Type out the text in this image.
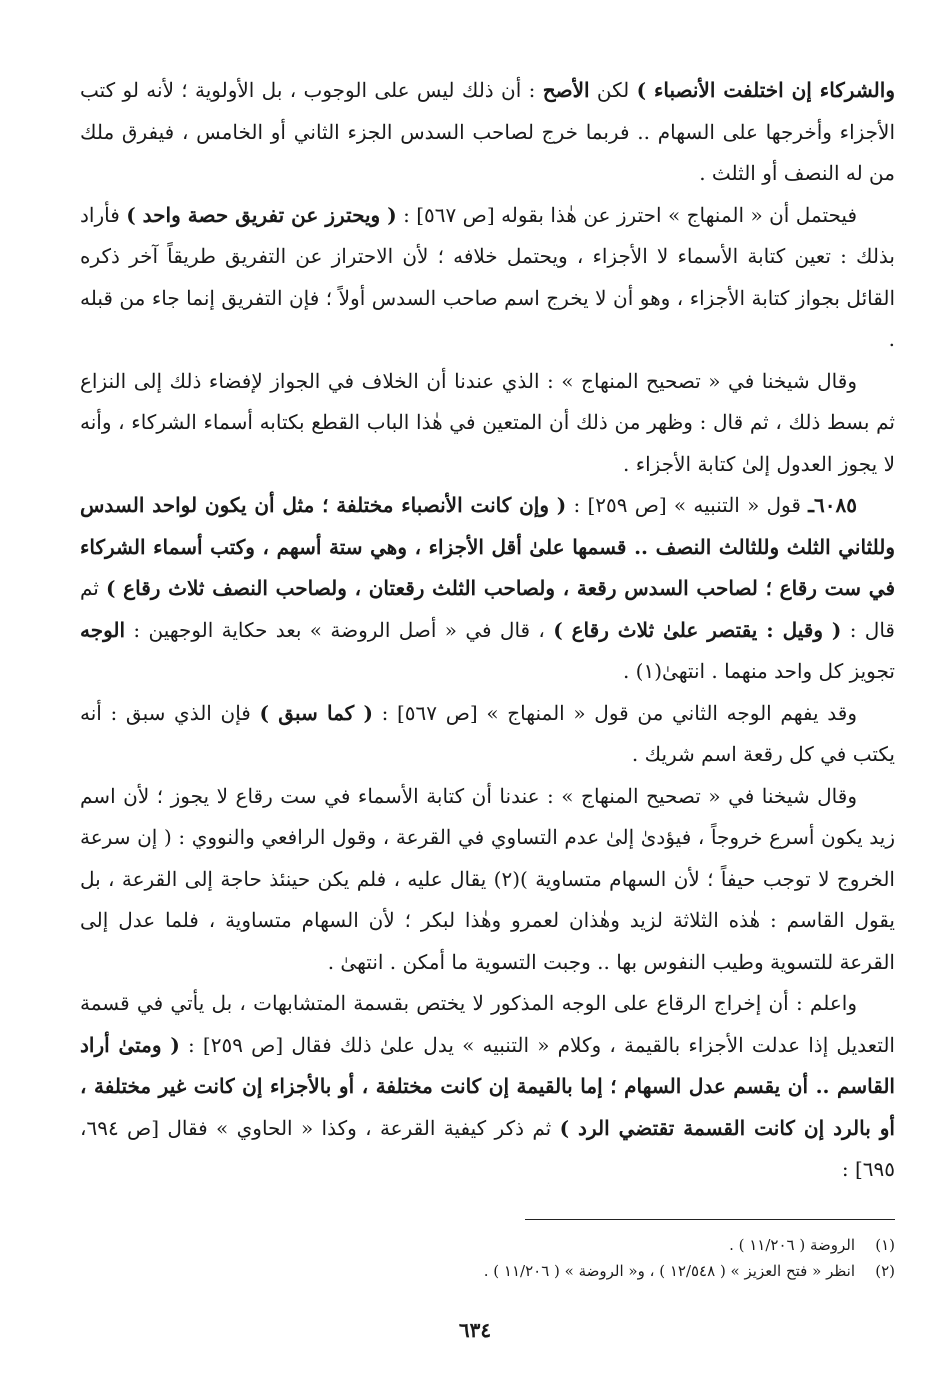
والشركاء إن اختلفت الأنصباء ) لكن الأصح : أن ذلك ليس على الوجوب ، بل الأولوية ؛ لأنه لو كتب الأجزاء وأخرجها على السهام .. فربما خرج لصاحب السدس الجزء الثاني أو الخامس ، فيفرق ملك من له النصف أو الثلث .

فيحتمل أن « المنهاج » احترز عن هٰذا بقوله [ص ٥٦٧] : ( ويحترز عن تفريق حصة واحد ) فأراد بذلك : تعين كتابة الأسماء لا الأجزاء ، ويحتمل خلافه ؛ لأن الاحتراز عن التفريق طريقاً آخر ذكره القائل بجواز كتابة الأجزاء ، وهو أن لا يخرج اسم صاحب السدس أولاً ؛ فإن التفريق إنما جاء من قبله .

وقال شيخنا في « تصحيح المنهاج » : الذي عندنا أن الخلاف في الجواز لإفضاء ذلك إلى النزاع ثم بسط ذلك ، ثم قال : وظهر من ذلك أن المتعين في هٰذا الباب القطع بكتابه أسماء الشركاء ، وأنه لا يجوز العدول إلىٰ كتابة الأجزاء .

٦٠٨٥ـ قول « التنبيه » [ص ٢٥٩] : ( وإن كانت الأنصباء مختلفة ؛ مثل أن يكون لواحد السدس وللثاني الثلث وللثالث النصف .. قسمها علىٰ أقل الأجزاء ، وهي ستة أسهم ، وكتب أسماء الشركاء في ست رقاع ؛ لصاحب السدس رقعة ، ولصاحب الثلث رقعتان ، ولصاحب النصف ثلاث رقاع ) ثم قال : ( وقيل : يقتصر علىٰ ثلاث رقاع ) ، قال في « أصل الروضة » بعد حكاية الوجهين : الوجه تجويز كل واحد منهما . انتهىٰ(١) .

وقد يفهم الوجه الثاني من قول « المنهاج » [ص ٥٦٧] : ( كما سبق ) فإن الذي سبق : أنه يكتب في كل رقعة اسم شريك .

وقال شيخنا في « تصحيح المنهاج » : عندنا أن كتابة الأسماء في ست رقاع لا يجوز ؛ لأن اسم زيد يكون أسرع خروجاً ، فيؤدىٰ إلىٰ عدم التساوي في القرعة ، وقول الرافعي والنووي : ( إن سرعة الخروج لا توجب حيفاً ؛ لأن السهام متساوية )(٢) يقال عليه ، فلم يكن حينئذ حاجة إلى القرعة ، بل يقول القاسم : هٰذه الثلاثة لزيد وهٰذان لعمرو وهٰذا لبكر ؛ لأن السهام متساوية ، فلما عدل إلى القرعة للتسوية وطيب النفوس بها .. وجبت التسوية ما أمكن . انتهىٰ .

واعلم : أن إخراج الرقاع على الوجه المذكور لا يختص بقسمة المتشابهات ، بل يأتي في قسمة التعديل إذا عدلت الأجزاء بالقيمة ، وكلام « التنبيه » يدل علىٰ ذلك فقال [ص ٢٥٩] : ( ومتىٰ أراد القاسم .. أن يقسم عدل السهام ؛ إما بالقيمة إن كانت مختلفة ، أو بالأجزاء إن كانت غير مختلفة ، أو بالرد إن كانت القسمة تقتضي الرد ) ثم ذكر كيفية القرعة ، وكذا « الحاوي » فقال [ص ٦٩٤، ٦٩٥] :

(١)الروضة ( ١١/٢٠٦ ) .

(٢)انظر « فتح العزيز » ( ١٢/٥٤٨ ) ، و« الروضة » ( ١١/٢٠٦ ) .

٦٣٤
